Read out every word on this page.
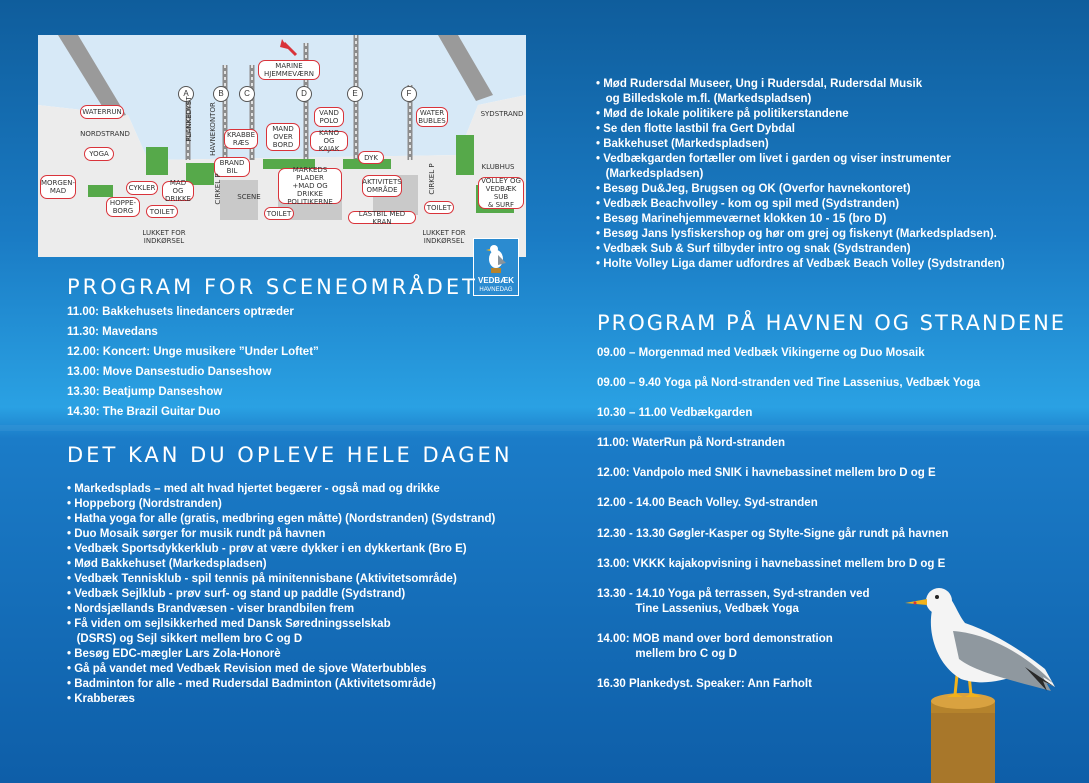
A	B	C	D	E	F
MARINE
HJEMMEVÆRN
WATERRUN
NORDSTRAND
YOGA
MORGEN-
MAD	CYKLER
MAD OG
DRIKKE
HOPPE-
BORG	TOILET
PLANKEDYST HAVNEKONTOR	KRABBE
RÆS
MAND
OVER
BORD
VAND
POLO
KANO OG
KAJAK
WATER
BUBLES
SYDSTRAND
BRAND
BIL
DYK
MARKEDS
PLADER
+MAD OG DRIKKE
POLITIKERNE
AKTIVITETS
OMRÅDE
KLUBHUS
VOLLEY OG
VEDBÆK SUB
& SURF
SCENE
CIRKEL P	CIRKEL P
LASTBIL MED KRAN
TOILET
TOILET
LUKKET FOR
INDKØRSEL
LUKKET FOR
INDKØRSEL
VEDBÆK
HAVNEDAG
PROGRAM FOR SCENEOMRÅDET
11.00: Bakkehusets linedancers optræder
11.30: Mavedans
12.00: Koncert: Unge musikere ”Under Loftet”
13.00: Move Dansestudio Danseshow
13.30: Beatjump Danseshow
14.30: The Brazil Guitar Duo
DET KAN DU OPLEVE HELE DAGEN
• Markedsplads – med alt hvad hjertet begærer - også mad og drikke
• Hoppeborg (Nordstranden)
• Hatha yoga for alle (gratis, medbring egen måtte) (Nordstranden) (Sydstrand)
• Duo Mosaik sørger for musik rundt på havnen
• Vedbæk Sportsdykkerklub - prøv at være dykker i en dykkertank (Bro E)
• Mød Bakkehuset (Markedspladsen)
• Vedbæk Tennisklub - spil tennis på minitennisbane (Aktivitetsområde)
• Vedbæk Sejlklub - prøv surf- og stand up paddle (Sydstrand)
• Nordsjællands Brandvæsen - viser brandbilen frem
• Få viden om sejlsikkerhed med Dansk Søredningsselskab
(DSRS) og Sejl sikkert mellem bro C og D
• Besøg EDC-mægler Lars Zola-Honorè
• Gå på vandet med Vedbæk Revision med de sjove Waterbubbles
• Badminton for alle - med Rudersdal Badminton (Aktivitetsområde)
• Krabberæs
• Mød Rudersdal Museer, Ung i Rudersdal, Rudersdal Musik
og Billedskole m.fl. (Markedspladsen)
• Mød de lokale politikere på politikerstandene
• Se den flotte lastbil fra Gert Dybdal
• Bakkehuset (Markedspladsen)
• Vedbækgarden fortæller om livet i garden og viser instrumenter
(Markedspladsen)
• Besøg Du&Jeg, Brugsen og OK (Overfor havnekontoret)
• Vedbæk Beachvolley - kom og spil med (Sydstranden)
• Besøg Marinehjemmeværnet klokken 10 - 15 (bro D)
• Besøg Jans lysfiskershop og hør om grej og fiskenyt (Markedspladsen).
• Vedbæk Sub & Surf tilbyder intro og snak (Sydstranden)
• Holte Volley Liga damer udfordres af Vedbæk Beach Volley (Sydstranden)
PROGRAM PÅ HAVNEN OG STRANDENE
09.00 – Morgenmad med Vedbæk Vikingerne og Duo Mosaik
09.00 – 9.40 Yoga på Nord-stranden ved Tine Lassenius, Vedbæk Yoga
10.30 – 11.00 Vedbækgarden
11.00: WaterRun på Nord-stranden
12.00: Vandpolo med SNIK i havnebassinet mellem bro D og E
12.00 - 14.00 Beach Volley. Syd-stranden
12.30 - 13.30 Gøgler-Kasper og Stylte-Signe går rundt på havnen
13.00: VKKK kajakopvisning i havnebassinet mellem bro D og E
13.30 - 14.10 Yoga på terrassen, Syd-stranden ved
Tine Lassenius, Vedbæk Yoga
14.00: MOB mand over bord demonstration
mellem bro C og D
16.30 Plankedyst. Speaker: Ann Farholt
